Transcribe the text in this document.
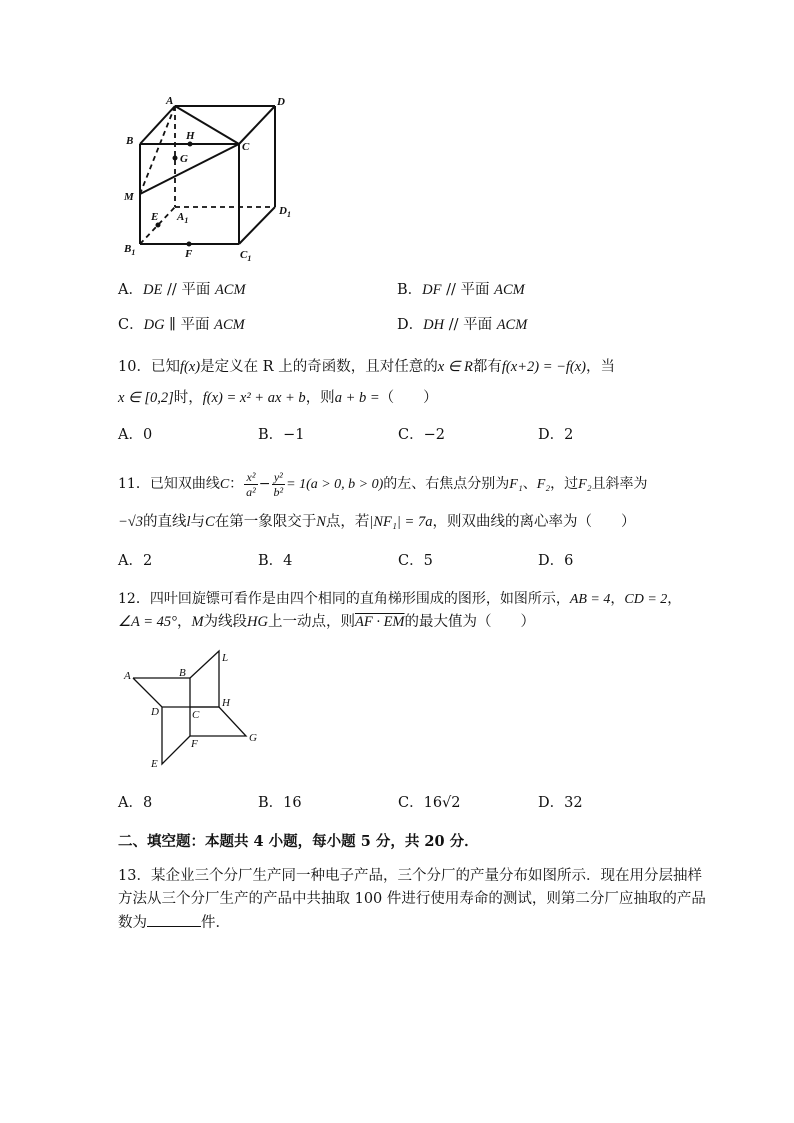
A	D
B	C
H
G
M
E $A_1$
$D_1$
$B_1$	F	$C_1$
A．DE // 平面 ACM	B．DF // 平面 ACM
C．DG ∥ 平面 ACM	D．DH // 平面 ACM
10．已知f(x)是定义在 R 上的奇函数，且对任意的x ∈ R都有f(x+2) = −f(x)，当
x ∈ [0,2]时，f(x) = x² + ax + b，则a + b =（　　）
A．0	B．−1	C．−2	D．2
11．已知双曲线C： $\frac{\text{x²}}{\text{a²}} - \frac{\text{y²}}{\text{b²}} = 1(a > 0$, b > 0)的左、右焦点分别为F₁、F₂，过F₂且斜率为
−√3的直线l与C在第一象限交于N点，若|NF₁| = 7a，则双曲线的离心率为（　　）
A．2	B．4	C．5	D．6
12．四叶回旋镖可看作是由四个相同的直角梯形围成的图形，如图所示，AB = 4，CD = 2，
∠A = 45°，M为线段HG上一动点，则AF · EM的最大值为（　　）
A	B
L
D	C
H
F	G
E
A．8	B．16	C．16√2	D．32
二、填空题：本题共 4 小题，每小题 5 分，共 20 分．
13．某企业三个分厂生产同一种电子产品，三个分厂的产量分布如图所示．现在用分层抽样
方法从三个分厂生产的产品中共抽取 100 件进行使用寿命的测试，则第二分厂应抽取的产品
数为	件．
